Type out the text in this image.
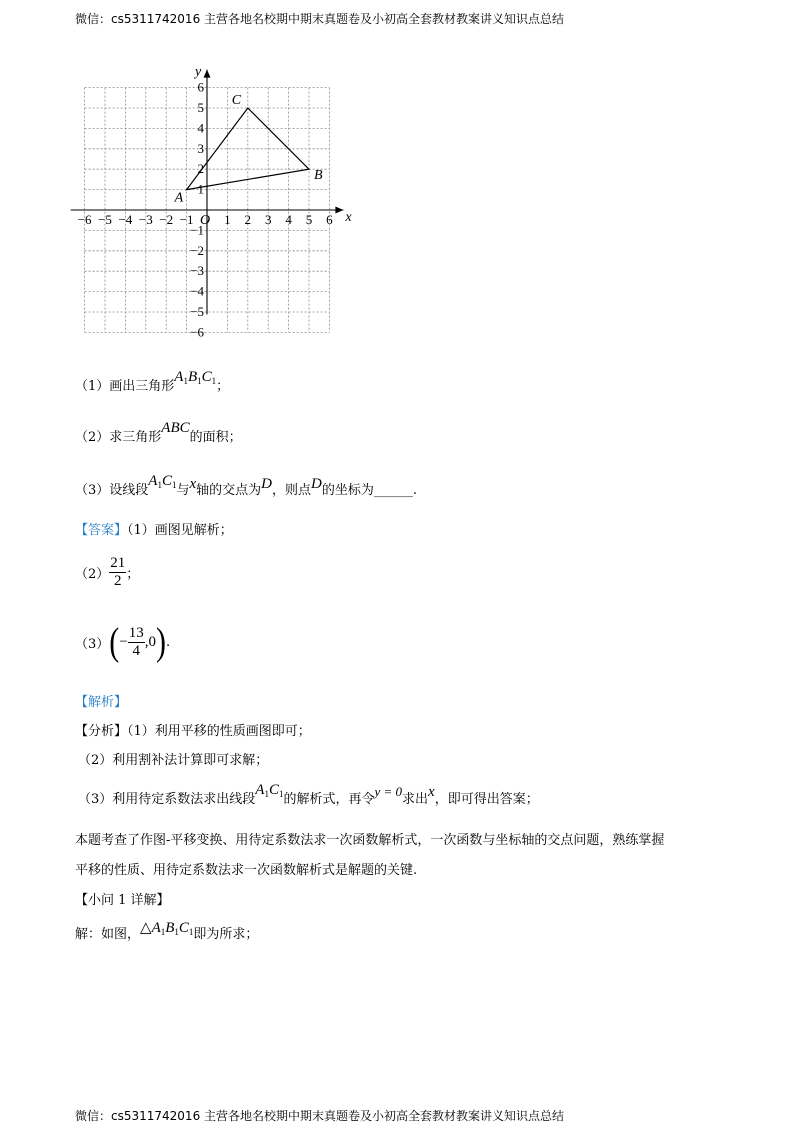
微信：cs5311742016 主营各地名校期中期末真题卷及小初高全套教材教案讲义知识点总结
x
y
O
−6 −5 −4 −3 −2 −1 1 2 3 4 5 6
6
5
4
3
2
1
−1
−2
−3
−4
−5
−6
A
B
C
（1）画出三角形$A_1B_1C_1$；
（2）求三角形ABC的面积；
（3）设线段$A_1C_1$与x轴的交点为D，则点D的坐标为______.
【答案】（1）画图见解析；
$(2) \frac{21}{2}$ ；
$(3)(- \frac{13}{4} ,0)$.
【解析】
【分析】（1）利用平移的性质画图即可；
（2）利用割补法计算即可求解；
（3）利用待定系数法求出线段$A_1C_1$的解析式，再令y = 0求出x，即可得出答案；
本题考查了作图-平移变换、用待定系数法求一次函数解析式，一次函数与坐标轴的交点问题，熟练掌握
平移的性质、用待定系数法求一次函数解析式是解题的关键.
【小问 1 详解】
解：如图，$\triangle A_1B_1C_1$即为所求；
微信：cs5311742016 主营各地名校期中期末真题卷及小初高全套教材教案讲义知识点总结
